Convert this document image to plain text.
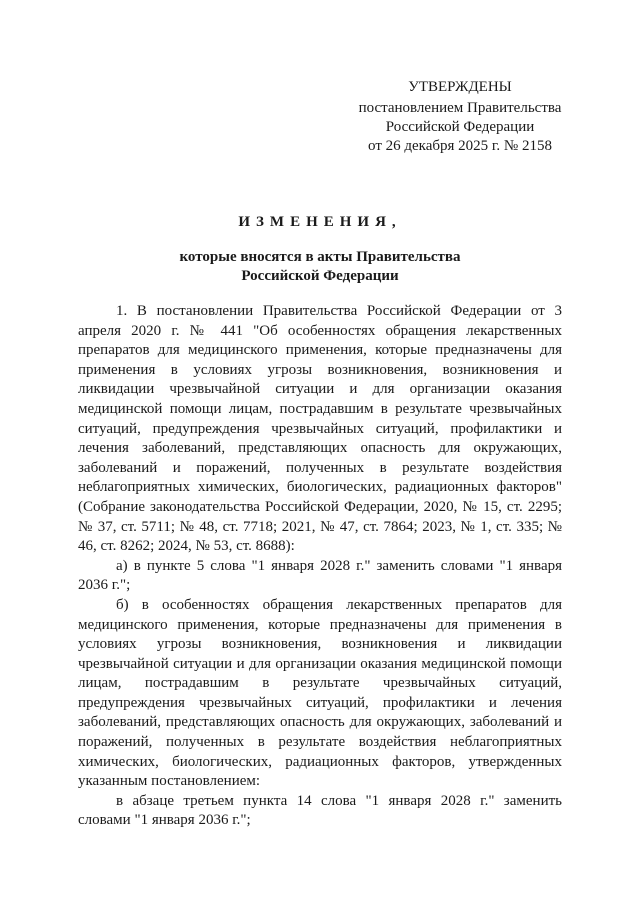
УТВЕРЖДЕНЫ
постановлением Правительства
Российской Федерации
от 26 декабря 2025 г. № 2158
ИЗМЕНЕНИЯ,
которые вносятся в акты Правительства
Российской Федерации

1. В постановлении Правительства Российской Федерации от 3 апреля 2020 г. № 441 "Об особенностях обращения лекарственных препаратов для медицинского применения, которые предназначены для применения в условиях угрозы возникновения, возникновения и ликвидации чрезвычайной ситуации и для организации оказания медицинской помощи лицам, пострадавшим в результате чрезвычайных ситуаций, предупреждения чрезвычайных ситуаций, профилактики и лечения заболеваний, представляющих опасность для окружающих, заболеваний и поражений, полученных в результате воздействия неблагоприятных химических, биологических, радиационных факторов" (Собрание законодательства Российской Федерации, 2020, № 15, ст. 2295; № 37, ст. 5711; № 48, ст. 7718; 2021, № 47, ст. 7864; 2023, № 1, ст. 335; № 46, ст. 8262; 2024, № 53, ст. 8688):

а) в пункте 5 слова "1 января 2028 г." заменить словами "1 января 2036 г.";

б) в особенностях обращения лекарственных препаратов для медицинского применения, которые предназначены для применения в условиях угрозы возникновения, возникновения и ликвидации чрезвычайной ситуации и для организации оказания медицинской помощи лицам, пострадавшим в результате чрезвычайных ситуаций, предупреждения чрезвычайных ситуаций, профилактики и лечения заболеваний, представляющих опасность для окружающих, заболеваний и поражений, полученных в результате воздействия неблагоприятных химических, биологических, радиационных факторов, утвержденных указанным постановлением:

в абзаце третьем пункта 14 слова "1 января 2028 г." заменить словами "1 января 2036 г.";
